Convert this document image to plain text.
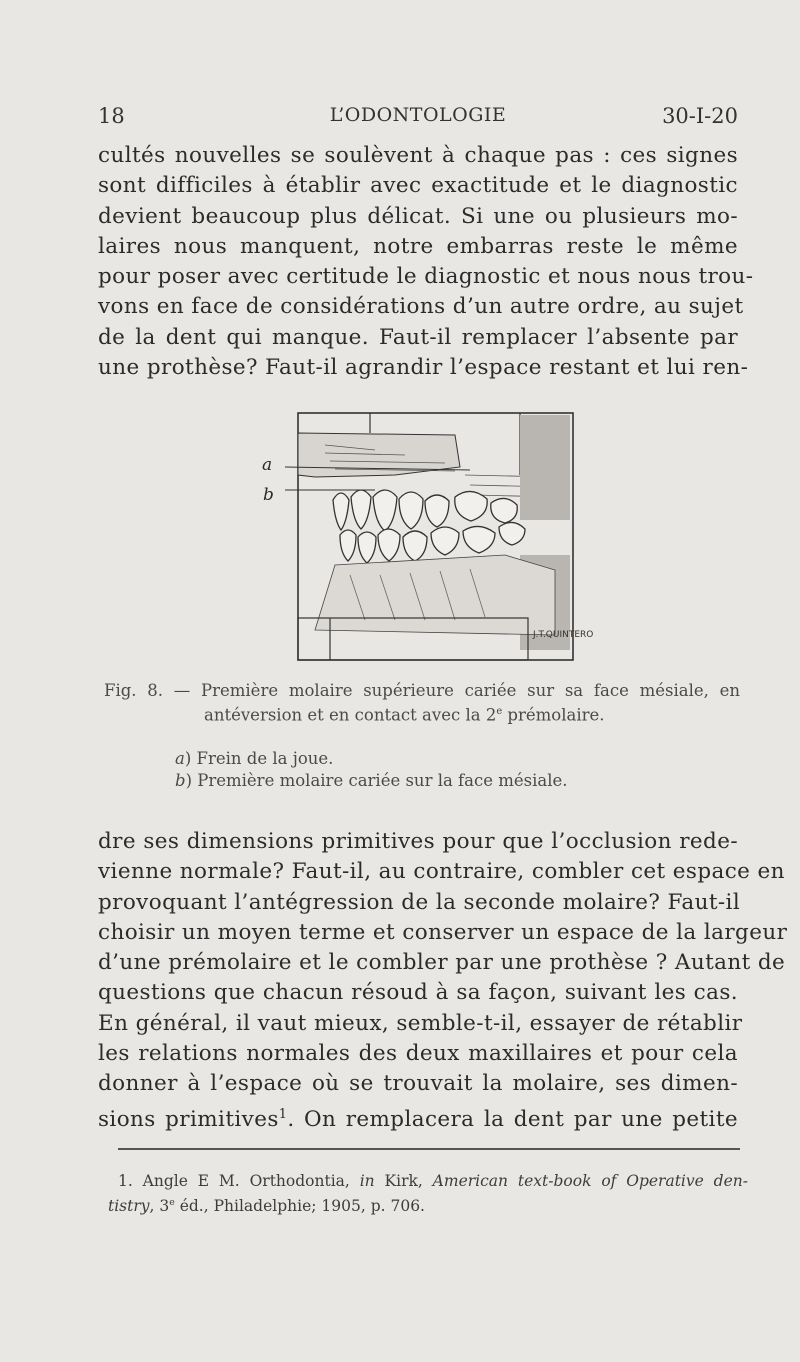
18	L’ODONTOLOGIE	30-I-20

cultés nouvelles se soulèvent à chaque pas : ces signes
sont difficiles à établir avec exactitude et le diagnostic
devient beaucoup plus délicat. Si une ou plusieurs mo-
laires nous manquent, notre embarras reste le même
pour poser avec certitude le diagnostic et nous nous trou-
vons en face de considérations d’un autre ordre, au sujet
de la dent qui manque. Faut-il remplacer l’absente par
une prothèse? Faut-il agrandir l’espace restant et lui ren-

J.T.QUINTERO
a
b
Fig. 8. — Première molaire supérieure cariée sur sa face mésiale, en
antéversion et en contact avec la 2e prémolaire.
a) Frein de la joue.
b) Première molaire cariée sur la face mésiale.

dre ses dimensions primitives pour que l’occlusion rede-
vienne normale? Faut-il, au contraire, combler cet espace en
provoquant l’antégression de la seconde molaire? Faut-il
choisir un moyen terme et conserver un espace de la largeur
d’une prémolaire et le combler par une prothèse ? Autant de
questions que chacun résoud à sa façon, suivant les cas.
En général, il vaut mieux, semble-t-il, essayer de rétablir
les relations normales des deux maxillaires et pour cela
donner à l’espace où se trouvait la molaire, ses dimen-
sions primitives$^1$. On remplacera la dent par une petite

1. Angle E M. Orthodontia, in Kirk, American text-book of Operative den-
tistry, 3e éd., Philadelphie; 1905, p. 706.
